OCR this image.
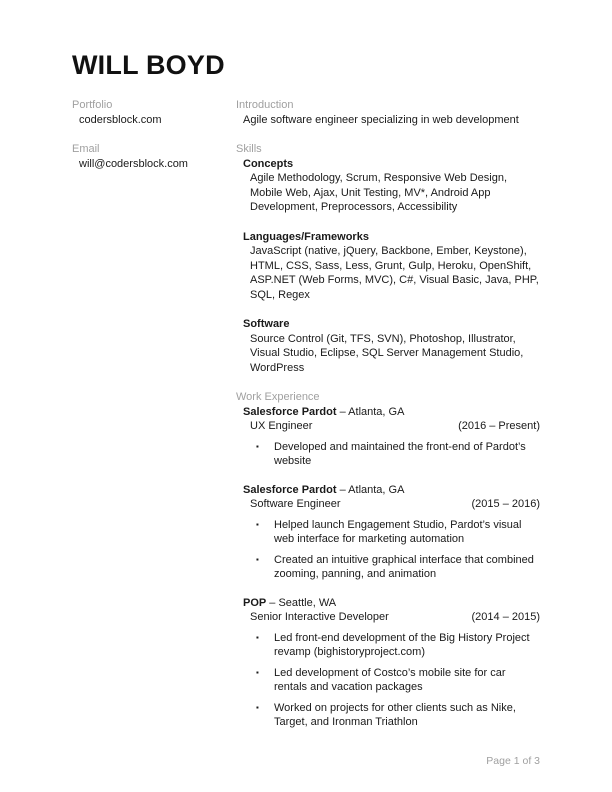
WILL BOYD
Portfolio
codersblock.com
Email
will@codersblock.com
Introduction
Agile software engineer specializing in web development
Skills
Concepts
Agile Methodology, Scrum, Responsive Web Design, Mobile Web, Ajax, Unit Testing, MV*, Android App Development, Preprocessors, Accessibility
Languages/Frameworks
JavaScript (native, jQuery, Backbone, Ember, Keystone), HTML, CSS, Sass, Less, Grunt, Gulp, Heroku, OpenShift, ASP.NET (Web Forms, MVC), C#, Visual Basic, Java, PHP, SQL, Regex
Software
Source Control (Git, TFS, SVN), Photoshop, Illustrator, Visual Studio, Eclipse, SQL Server Management Studio, WordPress
Work Experience
Salesforce Pardot – Atlanta, GA
UX Engineer	(2016 – Present)
▪	Developed and maintained the front-end of Pardot’s website
Salesforce Pardot – Atlanta, GA
Software Engineer	(2015 – 2016)
▪	Helped launch Engagement Studio, Pardot’s visual web interface for marketing automation
▪	Created an intuitive graphical interface that combined zooming, panning, and animation
POP – Seattle, WA
Senior Interactive Developer	(2014 – 2015)
▪	Led front-end development of the Big History Project revamp (bighistoryproject.com)
▪	Led development of Costco’s mobile site for car rentals and vacation packages
▪	Worked on projects for other clients such as Nike, Target, and Ironman Triathlon
Page 1 of 3
